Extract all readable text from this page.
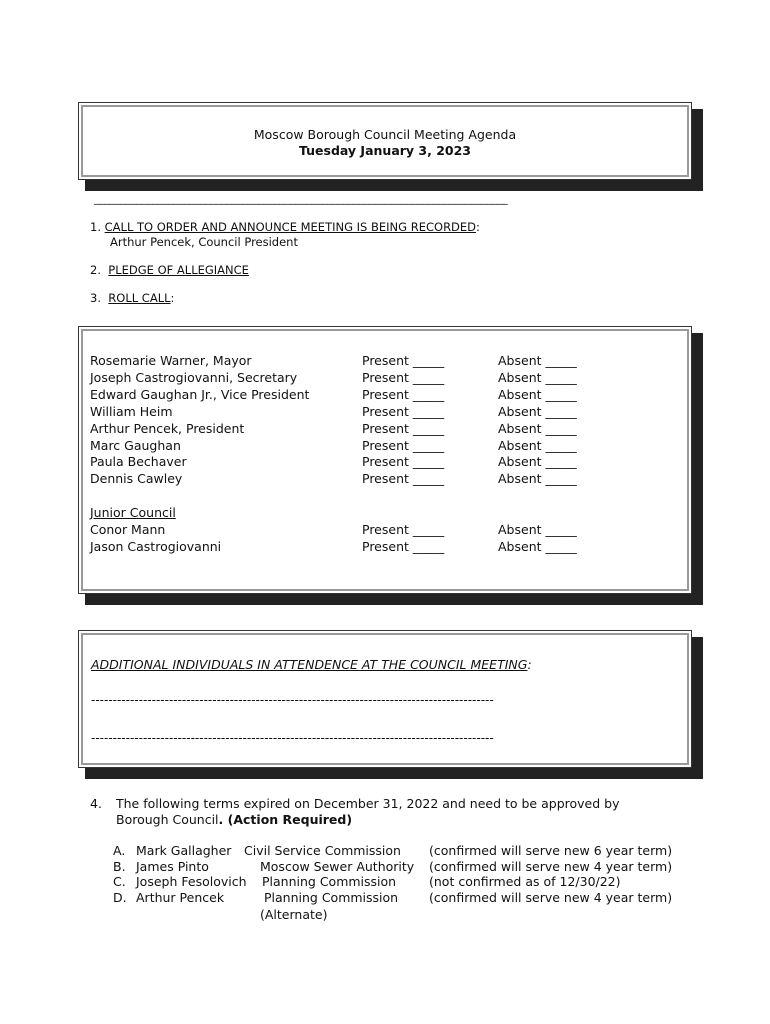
Moscow Borough Council Meeting Agenda
Tuesday January 3, 2023
______________________________________________________________________________
1. CALL TO ORDER AND ANNOUNCE MEETING IS BEING RECORDED:
Arthur Pencek, Council President
2. PLEDGE OF ALLEGIANCE
3. ROLL CALL:
Rosemarie Warner, Mayor	Present _____	Absent _____
Joseph Castrogiovanni, Secretary	Present _____	Absent _____
Edward Gaughan Jr., Vice President	Present _____	Absent _____
William Heim	Present _____	Absent _____
Arthur Pencek, President	Present _____	Absent _____
Marc Gaughan	Present _____	Absent _____
Paula Bechaver	Present _____	Absent _____
Dennis Cawley	Present _____	Absent _____
Conor Mann	Present _____	Absent _____
Jason Castrogiovanni	Present _____	Absent _____
Junior Council
ADDITIONAL INDIVIDUALS IN ATTENDENCE AT THE COUNCIL MEETING:
---------------------------------------------------------------------------------------------
---------------------------------------------------------------------------------------------
4. The following terms expired on December 31, 2022 and need to be approved by
Borough Council. (Action Required)
A. Mark Gallagher Civil Service Commission (confirmed will serve new 6 year term)
B. James Pinto	Moscow Sewer Authority (confirmed will serve new 4 year term)
C. Joseph Fesolovich Planning Commission	(not confirmed as of 12/30/22)
D. Arthur Pencek	Planning Commission (confirmed will serve new 4 year term)
(Alternate)
